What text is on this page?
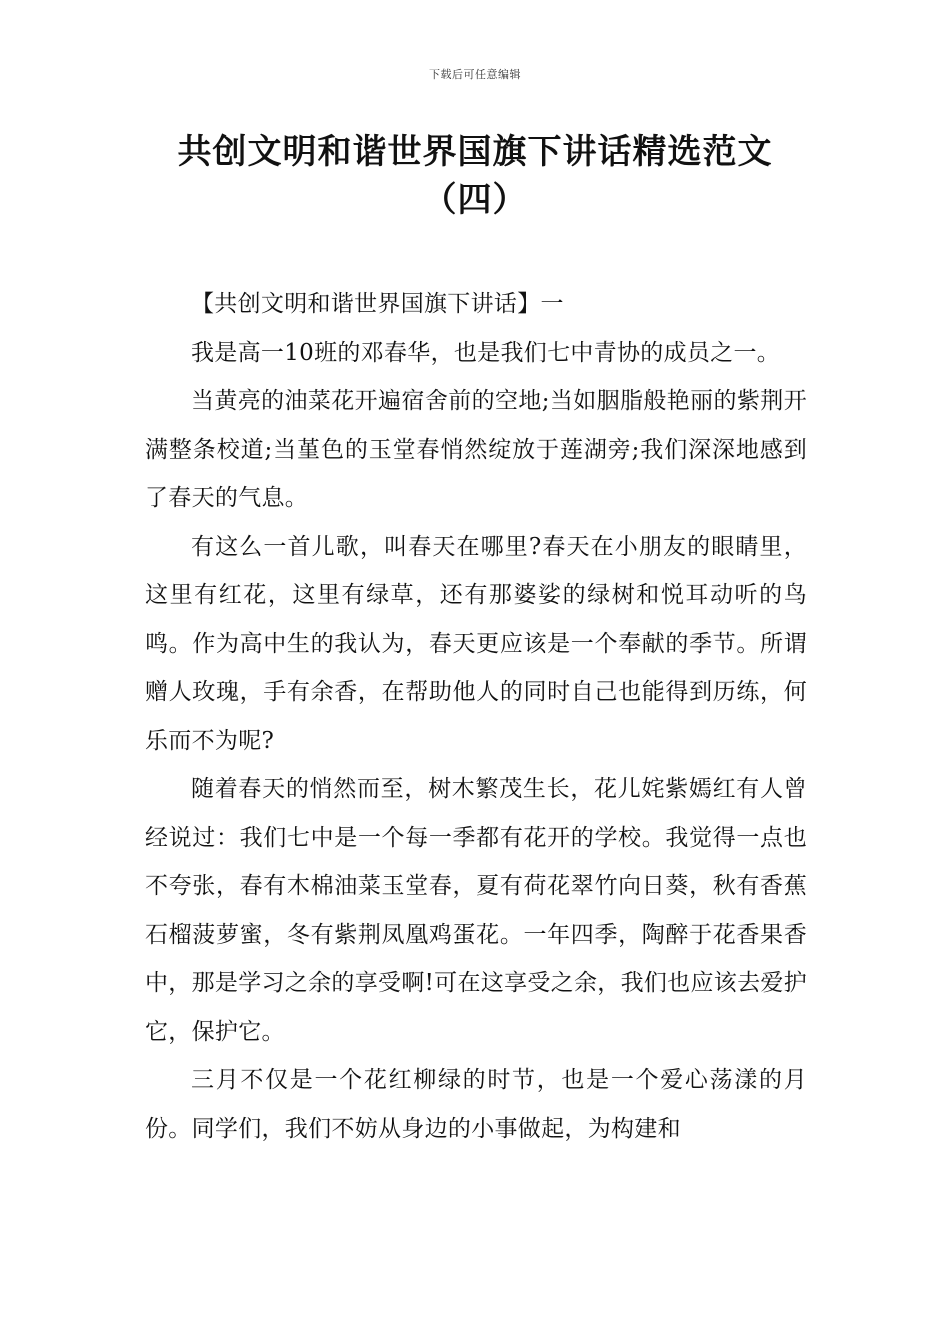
下载后可任意编辑
共创文明和谐世界国旗下讲话精选范文
（四）

【共创文明和谐世界国旗下讲话】一

我是高一10班的邓春华，也是我们七中青协的成员之一。

当黄亮的油菜花开遍宿舍前的空地;当如胭脂般艳丽的紫荆开满整条校道;当堇色的玉堂春悄然绽放于莲湖旁;我们深深地感到了春天的气息。

有这么一首儿歌，叫春天在哪里?春天在小朋友的眼睛里，这里有红花，这里有绿草，还有那婆娑的绿树和悦耳动听的鸟鸣。作为高中生的我认为，春天更应该是一个奉献的季节。所谓赠人玫瑰，手有余香，在帮助他人的同时自己也能得到历练，何乐而不为呢?

随着春天的悄然而至，树木繁茂生长，花儿姹紫嫣红有人曾经说过：我们七中是一个每一季都有花开的学校。我觉得一点也不夸张，春有木棉油菜玉堂春，夏有荷花翠竹向日葵，秋有香蕉石榴菠萝蜜，冬有紫荆凤凰鸡蛋花。一年四季，陶醉于花香果香中，那是学习之余的享受啊!可在这享受之余，我们也应该去爱护它，保护它。

三月不仅是一个花红柳绿的时节，也是一个爱心荡漾的月份。同学们，我们不妨从身边的小事做起，为构建和
